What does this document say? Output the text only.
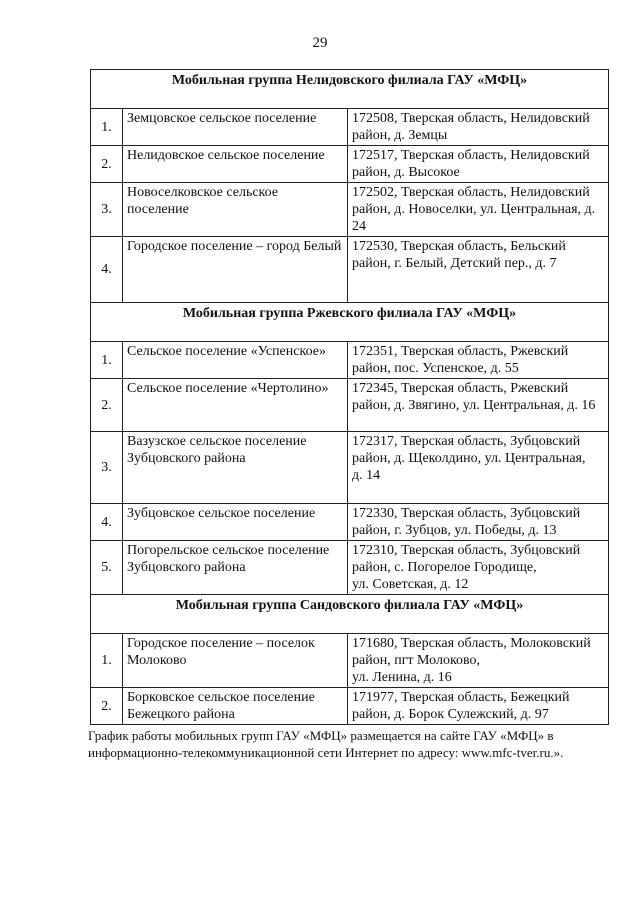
29
Мобильная группа Нелидовского филиала ГАУ «МФЦ»		
1.	Земцовское сельское поселение	172508, Тверская область, Нелидовский район, д. Земцы
2.	Нелидовское сельское поселение	172517, Тверская область, Нелидовский район, д. Высокое
3.	Новоселковское сельское поселение	172502, Тверская область, Нелидовский район, д. Новоселки, ул. Центральная, д. 24
4.	Городское поселение – город Белый	172530, Тверская область, Бельский район, г. Белый, Детский пер., д. 7
Мобильная группа Ржевского филиала ГАУ «МФЦ»		
1.	Сельское поселение «Успенское»	172351, Тверская область, Ржевский район, пос. Успенское, д. 55
2.	Сельское поселение «Чертолино»	172345, Тверская область, Ржевский район, д. Звягино, ул. Центральная, д. 16
3.	Вазузское сельское поселение Зубцовского района	172317, Тверская область, Зубцовский район, д. Щеколдино, ул. Центральная,
д. 14
4.	Зубцовское сельское поселение	172330, Тверская область, Зубцовский район, г. Зубцов, ул. Победы, д. 13
5.	Погорельское сельское поселение Зубцовского района	172310, Тверская область, Зубцовский район, с. Погорелое Городище,
ул. Советская, д. 12
Мобильная группа Сандовского филиала ГАУ «МФЦ»		
1.	Городское поселение – поселок Молоково	171680, Тверская область, Молоковский район, пгт Молоково,
ул. Ленина, д. 16
2.	Борковское сельское поселение Бежецкого района	171977, Тверская область, Бежецкий район, д. Борок Сулежский, д. 97
График работы мобильных групп ГАУ «МФЦ» размещается на сайте ГАУ «МФЦ» в
информационно-телекоммуникационной сети Интернет по адресу: www.mfc-tver.ru.».
